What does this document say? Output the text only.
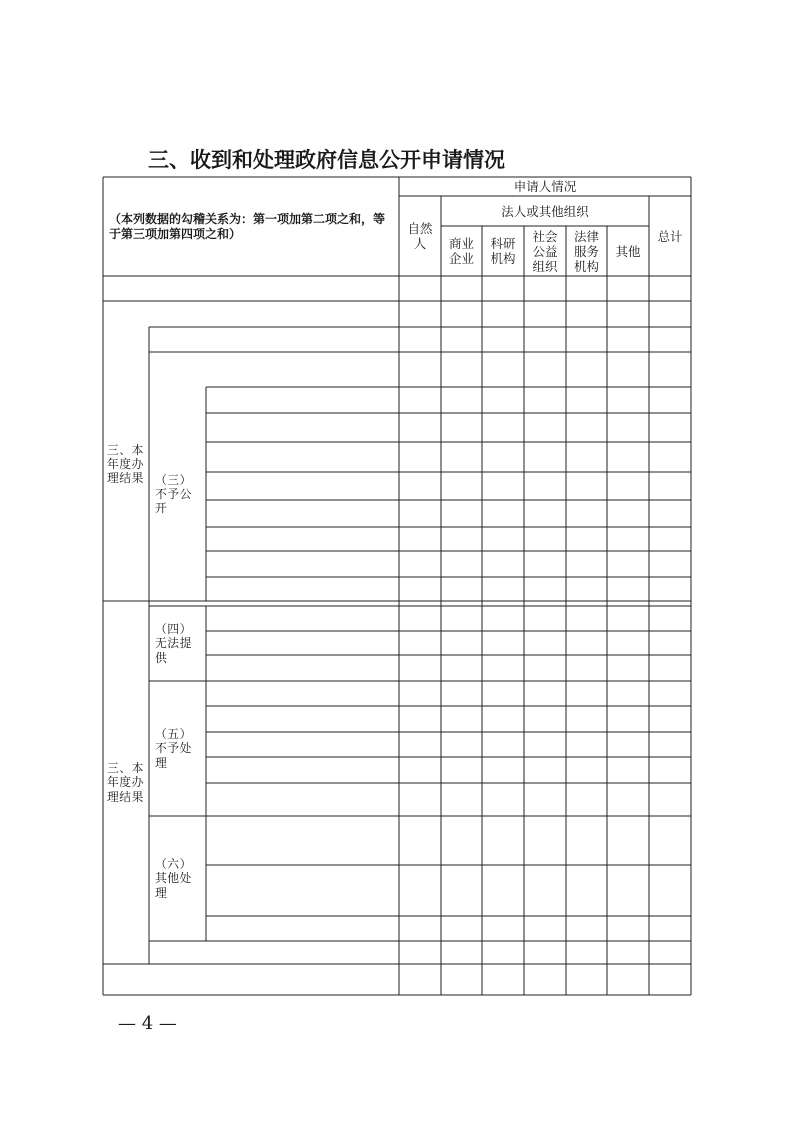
三、收到和处理政府信息公开申请情况
（本列数据的勾稽关系为：第一项加第二项之和，等于第三项加第四项之和）
申请人情况
自然人
法人或其他组织
商业企业
科研机构
社会公益组织
法律服务机构
其他
总计
三、本年度办理结果
三、本年度办理结果
（三）不予公开
（四）无法提供
（五）不予处理
（六）其他处理
— 4 —
